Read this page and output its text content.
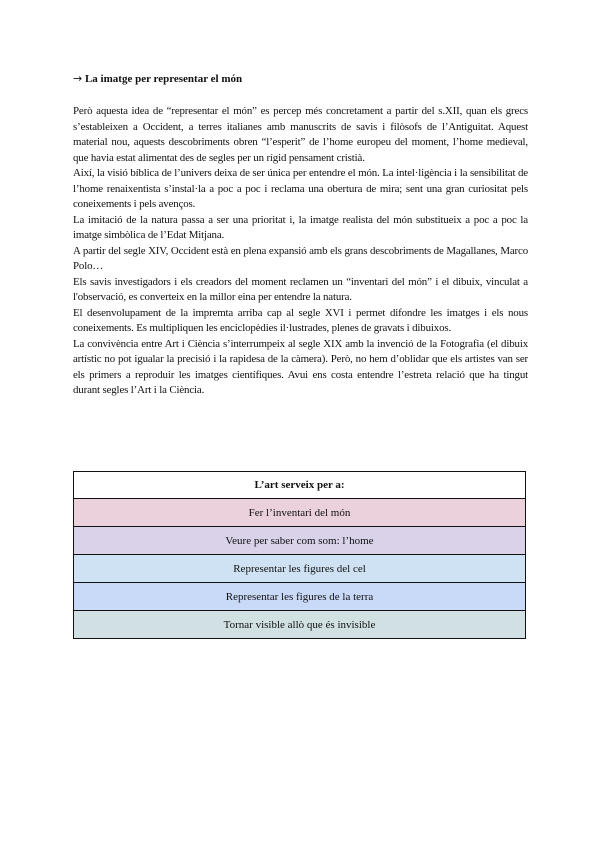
→ La imatge per representar el món

Però aquesta idea de “representar el món” es percep més concretament a partir del s.XII, quan els grecs s’estableixen a Occident, a terres italianes amb manuscrits de savis i filòsofs de l’Antiguitat. Aquest material nou, aquests descobriments obren “l’esperit” de l’home europeu del moment, l’home medieval, que havia estat alimentat des de segles per un rígid pensament cristià.

Així, la visió bíblica de l’univers deixa de ser única per entendre el món. La intel·ligència i la sensibilitat de l’home renaixentista s’instal·la a poc a poc i reclama una obertura de mira; sent una gran curiositat pels coneixements i pels avenços.

La imitació de la natura passa a ser una prioritat i, la imatge realista del món substitueix a poc a poc la imatge simbòlica de l’Edat Mitjana.

A partir del segle XIV, Occident està en plena expansió amb els grans descobriments de Magallanes, Marco Polo…

Els savis investigadors i els creadors del moment reclamen un “inventari del món” i el dibuix, vinculat a l'observació, es converteix en la millor eina per entendre la natura.

El desenvolupament de la impremta arriba cap al segle XVI i permet difondre les imatges i els nous coneixements. Es multipliquen les enciclopèdies il·lustrades, plenes de gravats i dibuixos.

La convivència entre Art i Ciència s’interrumpeix al segle XIX amb la invenció de la Fotografia (el dibuix artístic no pot igualar la precisió i la rapidesa de la càmera). Però, no hem d’oblidar que els artistes van ser els primers a reproduir les imatges científiques. Avui ens costa entendre l’estreta relació que ha tingut durant segles l’Art i la Ciència.

L’art serveix per a:
Fer l’inventari del món
Veure per saber com som: l’home
Representar les figures del cel
Representar les figures de la terra
Tornar visible allò que és invisible
